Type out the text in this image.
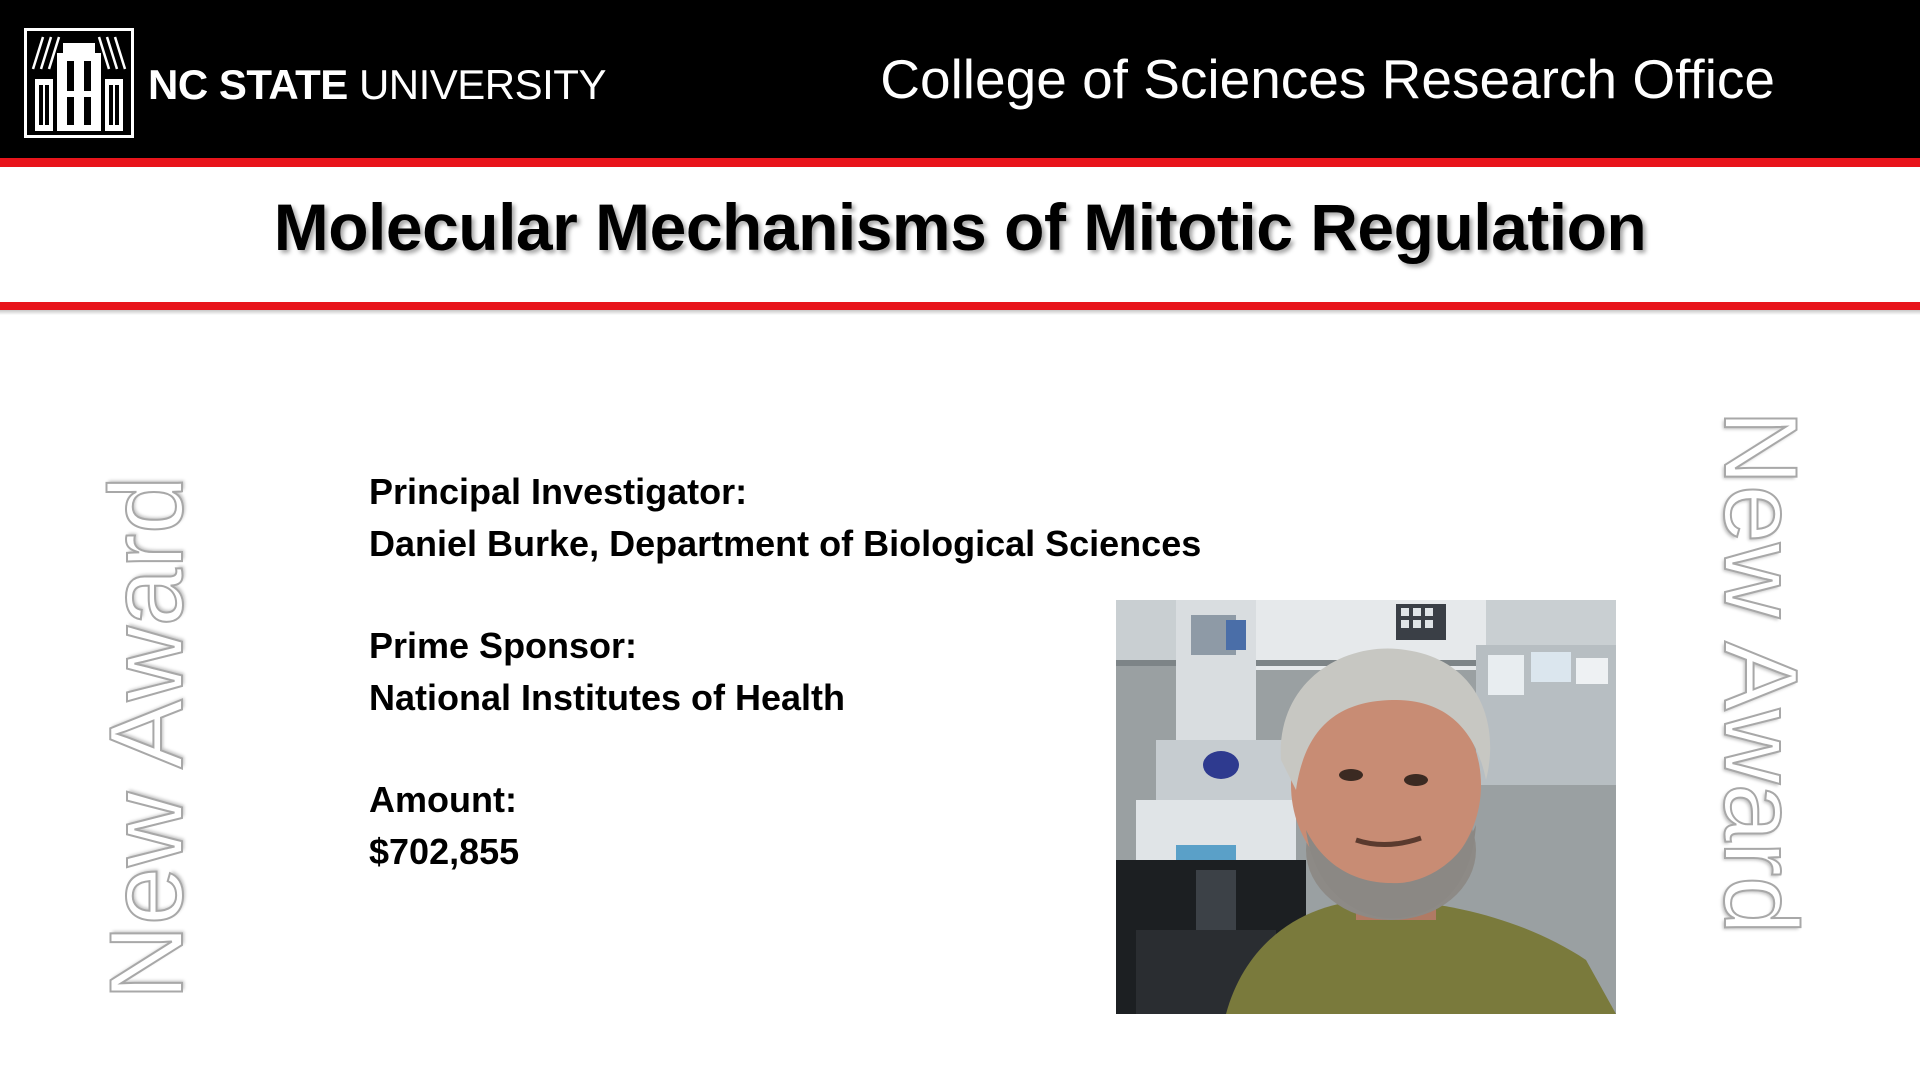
NC STATE UNIVERSITY	College of Sciences Research Office
Molecular Mechanisms of Mitotic Regulation
New Award	New Award
Principal Investigator:
Daniel Burke, Department of Biological Sciences
Prime Sponsor:
National Institutes of Health
Amount:
$702,855
